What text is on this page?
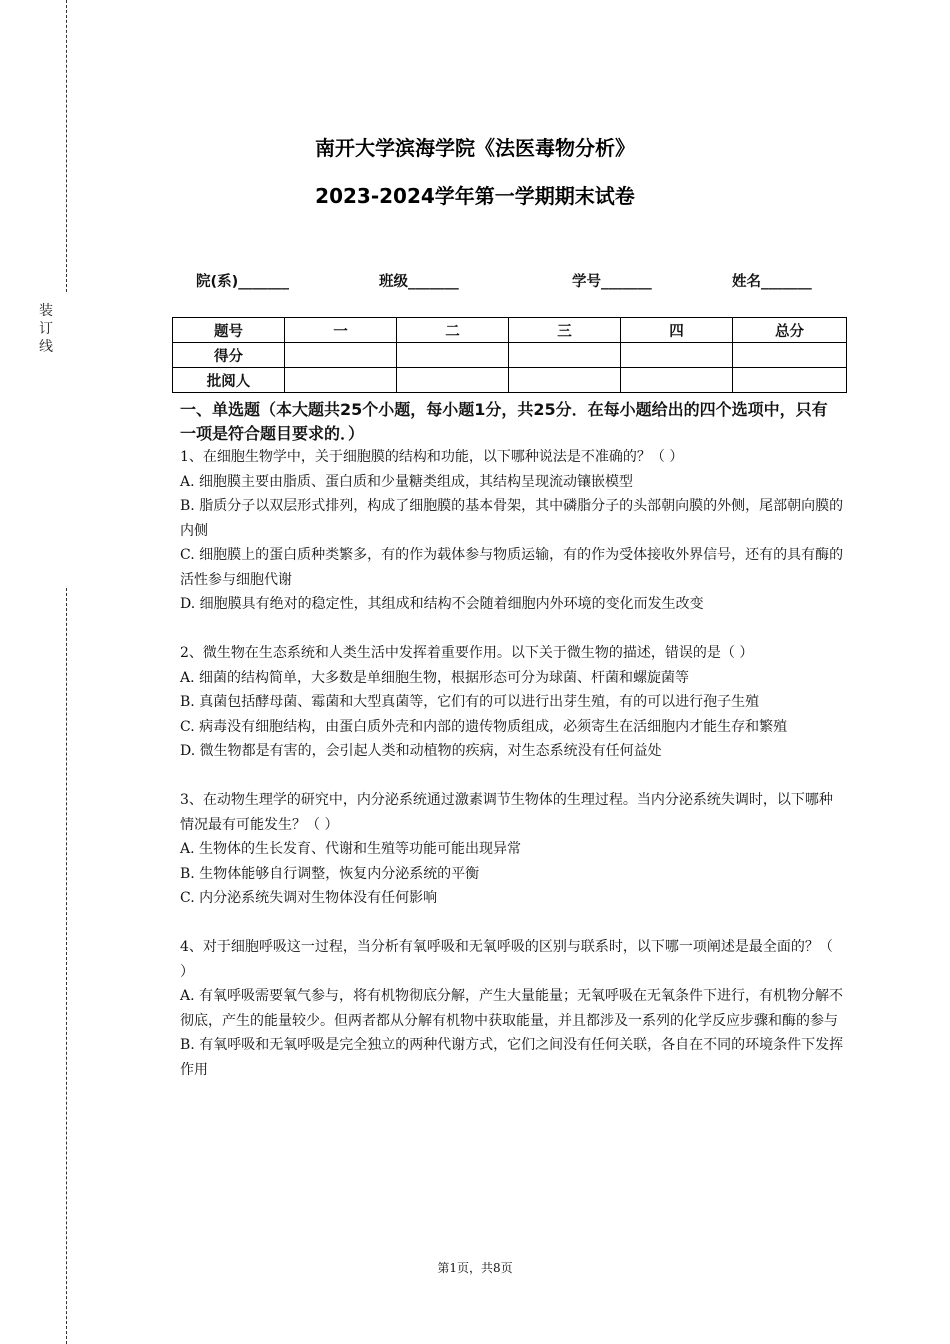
装
订
线
南开大学滨海学院《法医毒物分析》
2023-2024学年第一学期期末试卷
院(系)_______	班级_______	学号_______	姓名_______
题号	一	二	三	四	总分
得分					
批阅人					
一、单选题（本大题共25个小题，每小题1分，共25分．在每小题给出的四个选项中，只有一项是符合题目要求的．）

1、在细胞生物学中，关于细胞膜的结构和功能，以下哪种说法是不准确的？（ ）

A. 细胞膜主要由脂质、蛋白质和少量糖类组成，其结构呈现流动镶嵌模型

B. 脂质分子以双层形式排列，构成了细胞膜的基本骨架，其中磷脂分子的头部朝向膜的外侧，尾部朝向膜的内侧

C. 细胞膜上的蛋白质种类繁多，有的作为载体参与物质运输，有的作为受体接收外界信号，还有的具有酶的活性参与细胞代谢

D. 细胞膜具有绝对的稳定性，其组成和结构不会随着细胞内外环境的变化而发生改变

2、微生物在生态系统和人类生活中发挥着重要作用。以下关于微生物的描述，错误的是（ ）

A. 细菌的结构简单，大多数是单细胞生物，根据形态可分为球菌、杆菌和螺旋菌等

B. 真菌包括酵母菌、霉菌和大型真菌等，它们有的可以进行出芽生殖，有的可以进行孢子生殖

C. 病毒没有细胞结构，由蛋白质外壳和内部的遗传物质组成，必须寄生在活细胞内才能生存和繁殖

D. 微生物都是有害的，会引起人类和动植物的疾病，对生态系统没有任何益处

3、在动物生理学的研究中，内分泌系统通过激素调节生物体的生理过程。当内分泌系统失调时，以下哪种情况最有可能发生？（ ）

A. 生物体的生长发育、代谢和生殖等功能可能出现异常

B. 生物体能够自行调整，恢复内分泌系统的平衡

C. 内分泌系统失调对生物体没有任何影响

4、对于细胞呼吸这一过程，当分析有氧呼吸和无氧呼吸的区别与联系时，以下哪一项阐述是最全面的？（ ）

A. 有氧呼吸需要氧气参与，将有机物彻底分解，产生大量能量；无氧呼吸在无氧条件下进行，有机物分解不彻底，产生的能量较少。但两者都从分解有机物中获取能量，并且都涉及一系列的化学反应步骤和酶的参与

B. 有氧呼吸和无氧呼吸是完全独立的两种代谢方式，它们之间没有任何关联，各自在不同的环境条件下发挥作用

第1页，共8页
